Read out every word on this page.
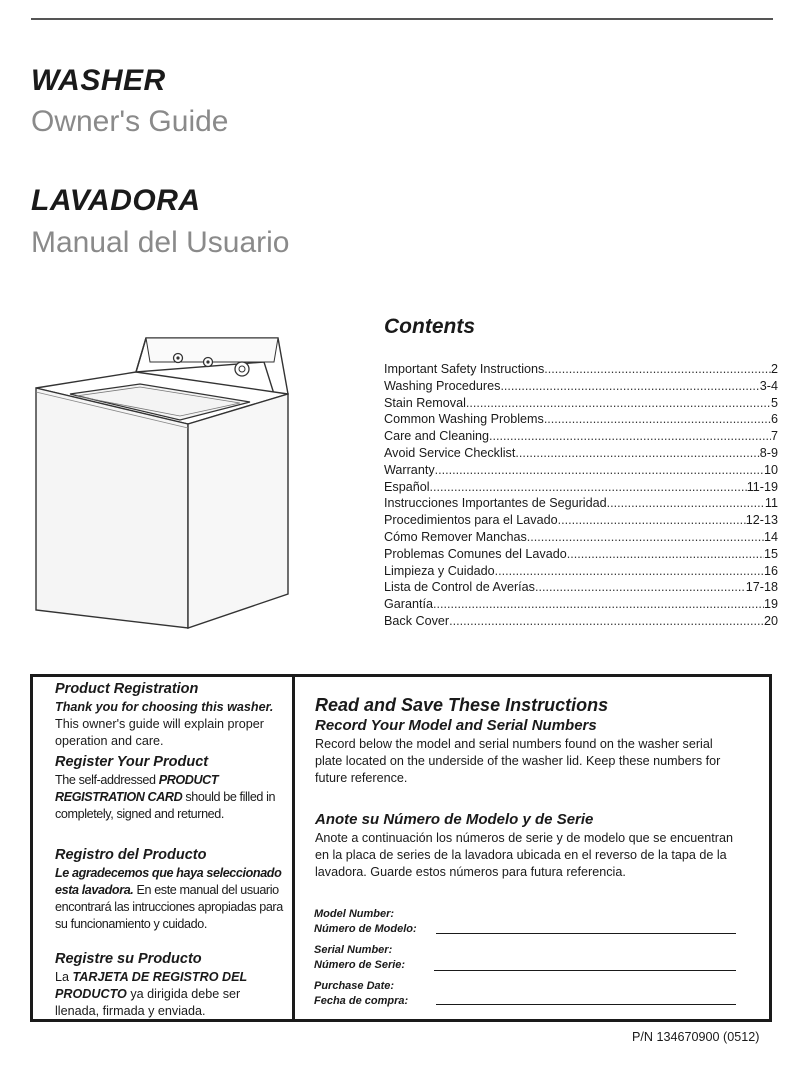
WASHER
Owner's Guide
LAVADORA
Manual del Usuario
Contents
Important Safety Instructions .....	2
Washing Procedures .....	3-4
Stain Removal .....	5
Common Washing Problems .....	6
Care and Cleaning .....	7
Avoid Service Checklist .....	8-9
Warranty .....	10
Español .....	11-19
Instrucciones Importantes de Seguridad .....	11
Procedimientos para el Lavado .....	12-13
Cómo Remover Manchas .....	14
Problemas Comunes del Lavado .....	15
Limpieza y Cuidado .....	16
Lista de Control de Averías .....	17-18
Garantía .....	19
Back Cover .....	20
Product Registration
Thank you for choosing this washer. This owner's guide will explain proper operation and care.
Register Your Product
The self-addressed PRODUCT REGISTRATION CARD should be filled in completely, signed and returned.
Registro del Producto
Le agradecemos que haya seleccionado esta lavadora. En este manual del usuario encontrará las intrucciones apropiadas para su funcionamiento y cuidado.
Registre su Producto
La TARJETA DE REGISTRO DEL PRODUCTO ya dirigida debe ser llenada, firmada y enviada.
Read and Save These Instructions
Record Your Model and Serial Numbers
Record below the model and serial numbers found on the washer serial plate located on the underside of the washer lid. Keep these numbers for future reference.
Anote su Número de Modelo y de Serie
Anote a continuación los números de serie y de modelo que se encuentran en la placa de series de la lavadora ubicada en el reverso de la tapa de la lavadora. Guarde estos números para futura referencia.
Model Number:
Número de Modelo:
Serial Number:
Número de Serie:
Purchase Date:
Fecha de compra:
P/N 134670900 (0512)
